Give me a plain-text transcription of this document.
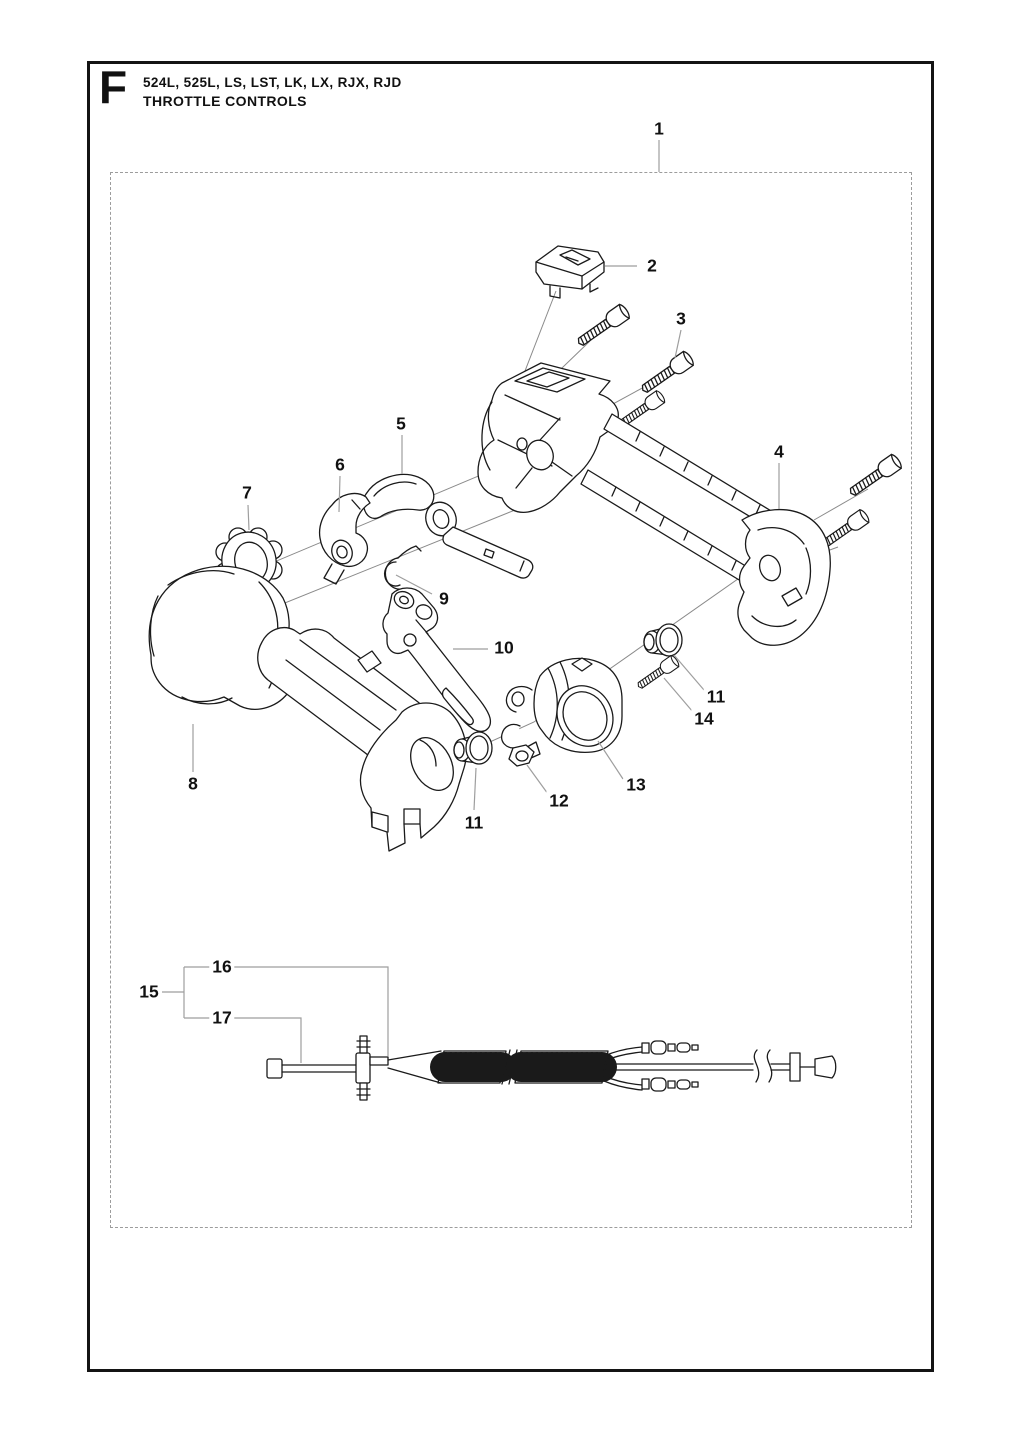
F 524L, 525L, LS, LST, LK, LX, RJX, RJD
THROTTLE CONTROLS
1
2
3
4
5
6
7
8
9
10
11
14
13
12
11
15
16
17
